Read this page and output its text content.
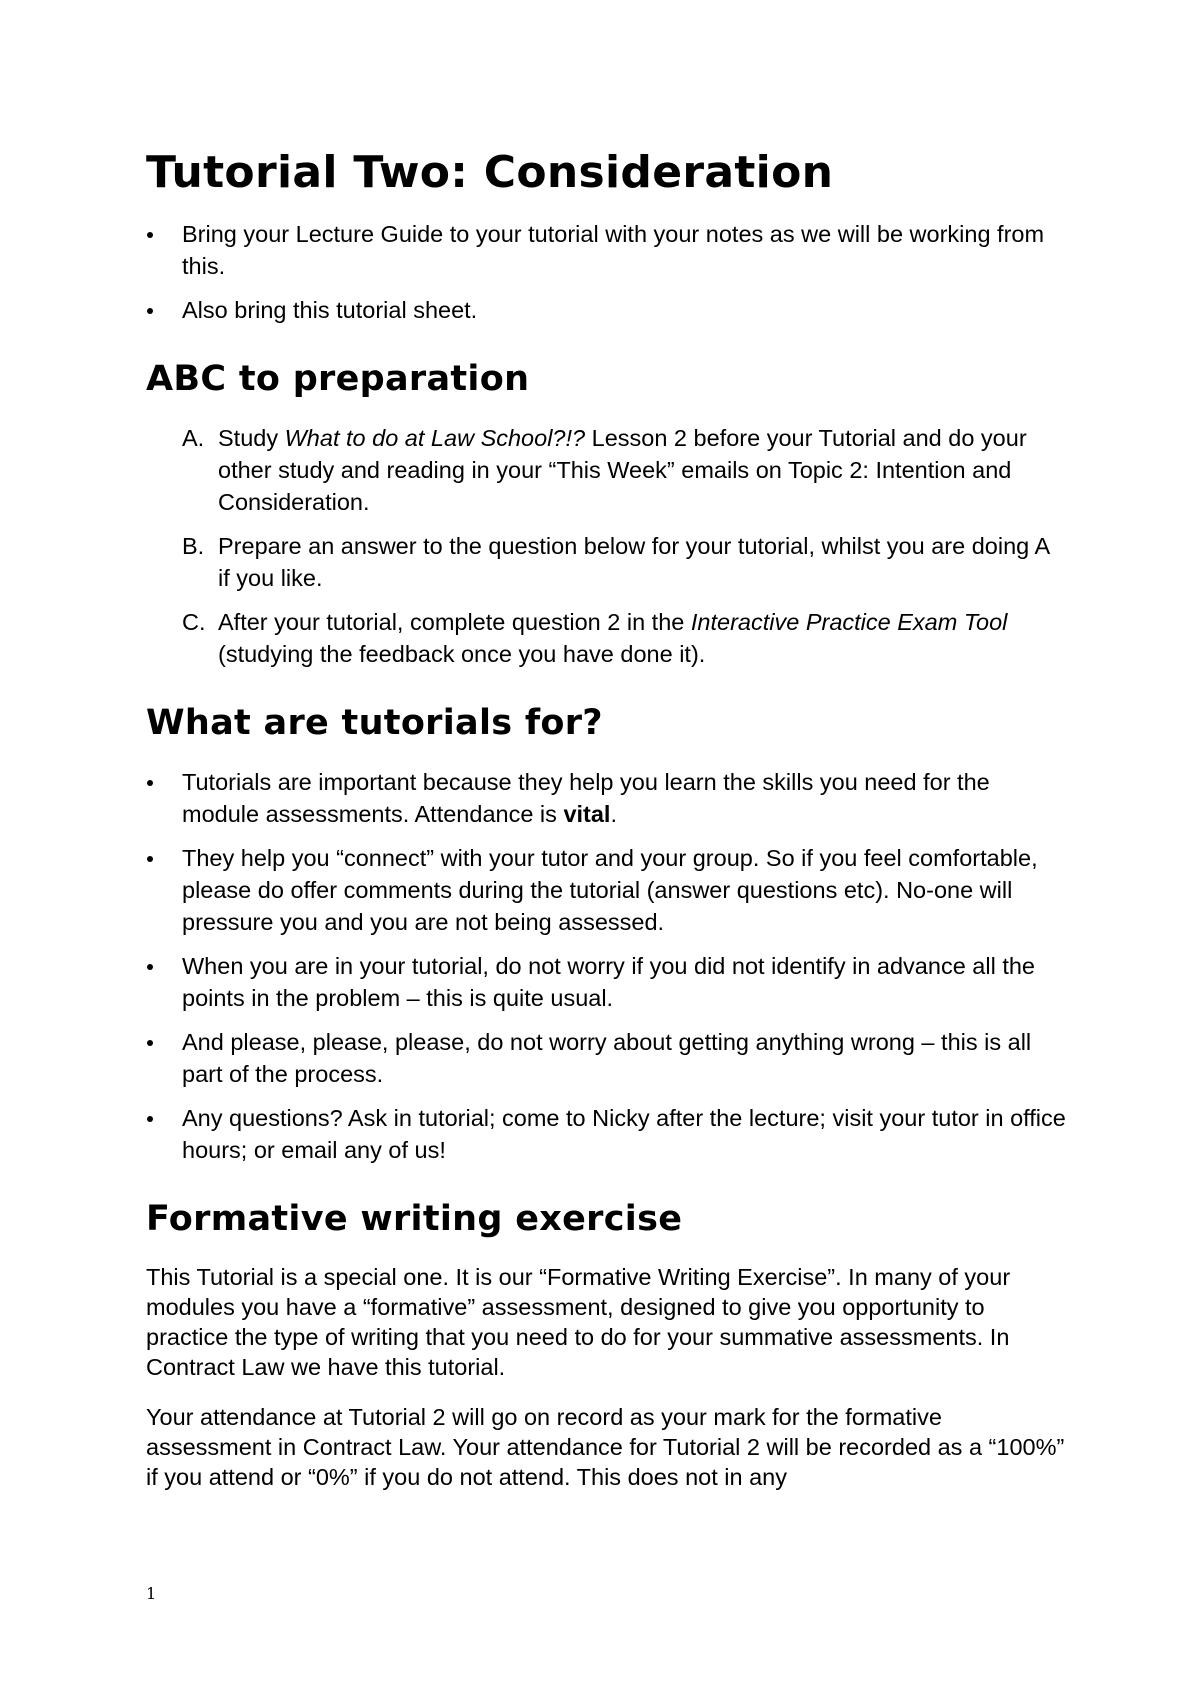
Tutorial Two: Consideration
Bring your Lecture Guide to your tutorial with your notes as we will be working from this.
Also bring this tutorial sheet.
ABC to preparation
A. Study What to do at Law School?!? Lesson 2 before your Tutorial and do your other study and reading in your “This Week” emails on Topic 2: Intention and Consideration.
B. Prepare an answer to the question below for your tutorial, whilst you are doing A if you like.
C. After your tutorial, complete question 2 in the Interactive Practice Exam Tool (studying the feedback once you have done it).
What are tutorials for?
Tutorials are important because they help you learn the skills you need for the module assessments. Attendance is vital.
They help you “connect” with your tutor and your group. So if you feel comfortable, please do offer comments during the tutorial (answer questions etc). No-one will pressure you and you are not being assessed.
When you are in your tutorial, do not worry if you did not identify in advance all the points in the problem – this is quite usual.
And please, please, please, do not worry about getting anything wrong – this is all part of the process.
Any questions? Ask in tutorial; come to Nicky after the lecture; visit your tutor in office hours; or email any of us!
Formative writing exercise

This Tutorial is a special one. It is our “Formative Writing Exercise”. In many of your modules you have a “formative” assessment, designed to give you opportunity to practice the type of writing that you need to do for your summative assessments. In Contract Law we have this tutorial.

Your attendance at Tutorial 2 will go on record as your mark for the formative assessment in Contract Law. Your attendance for Tutorial 2 will be recorded as a “100%” if you attend or “0%” if you do not attend. This does not in any

1
